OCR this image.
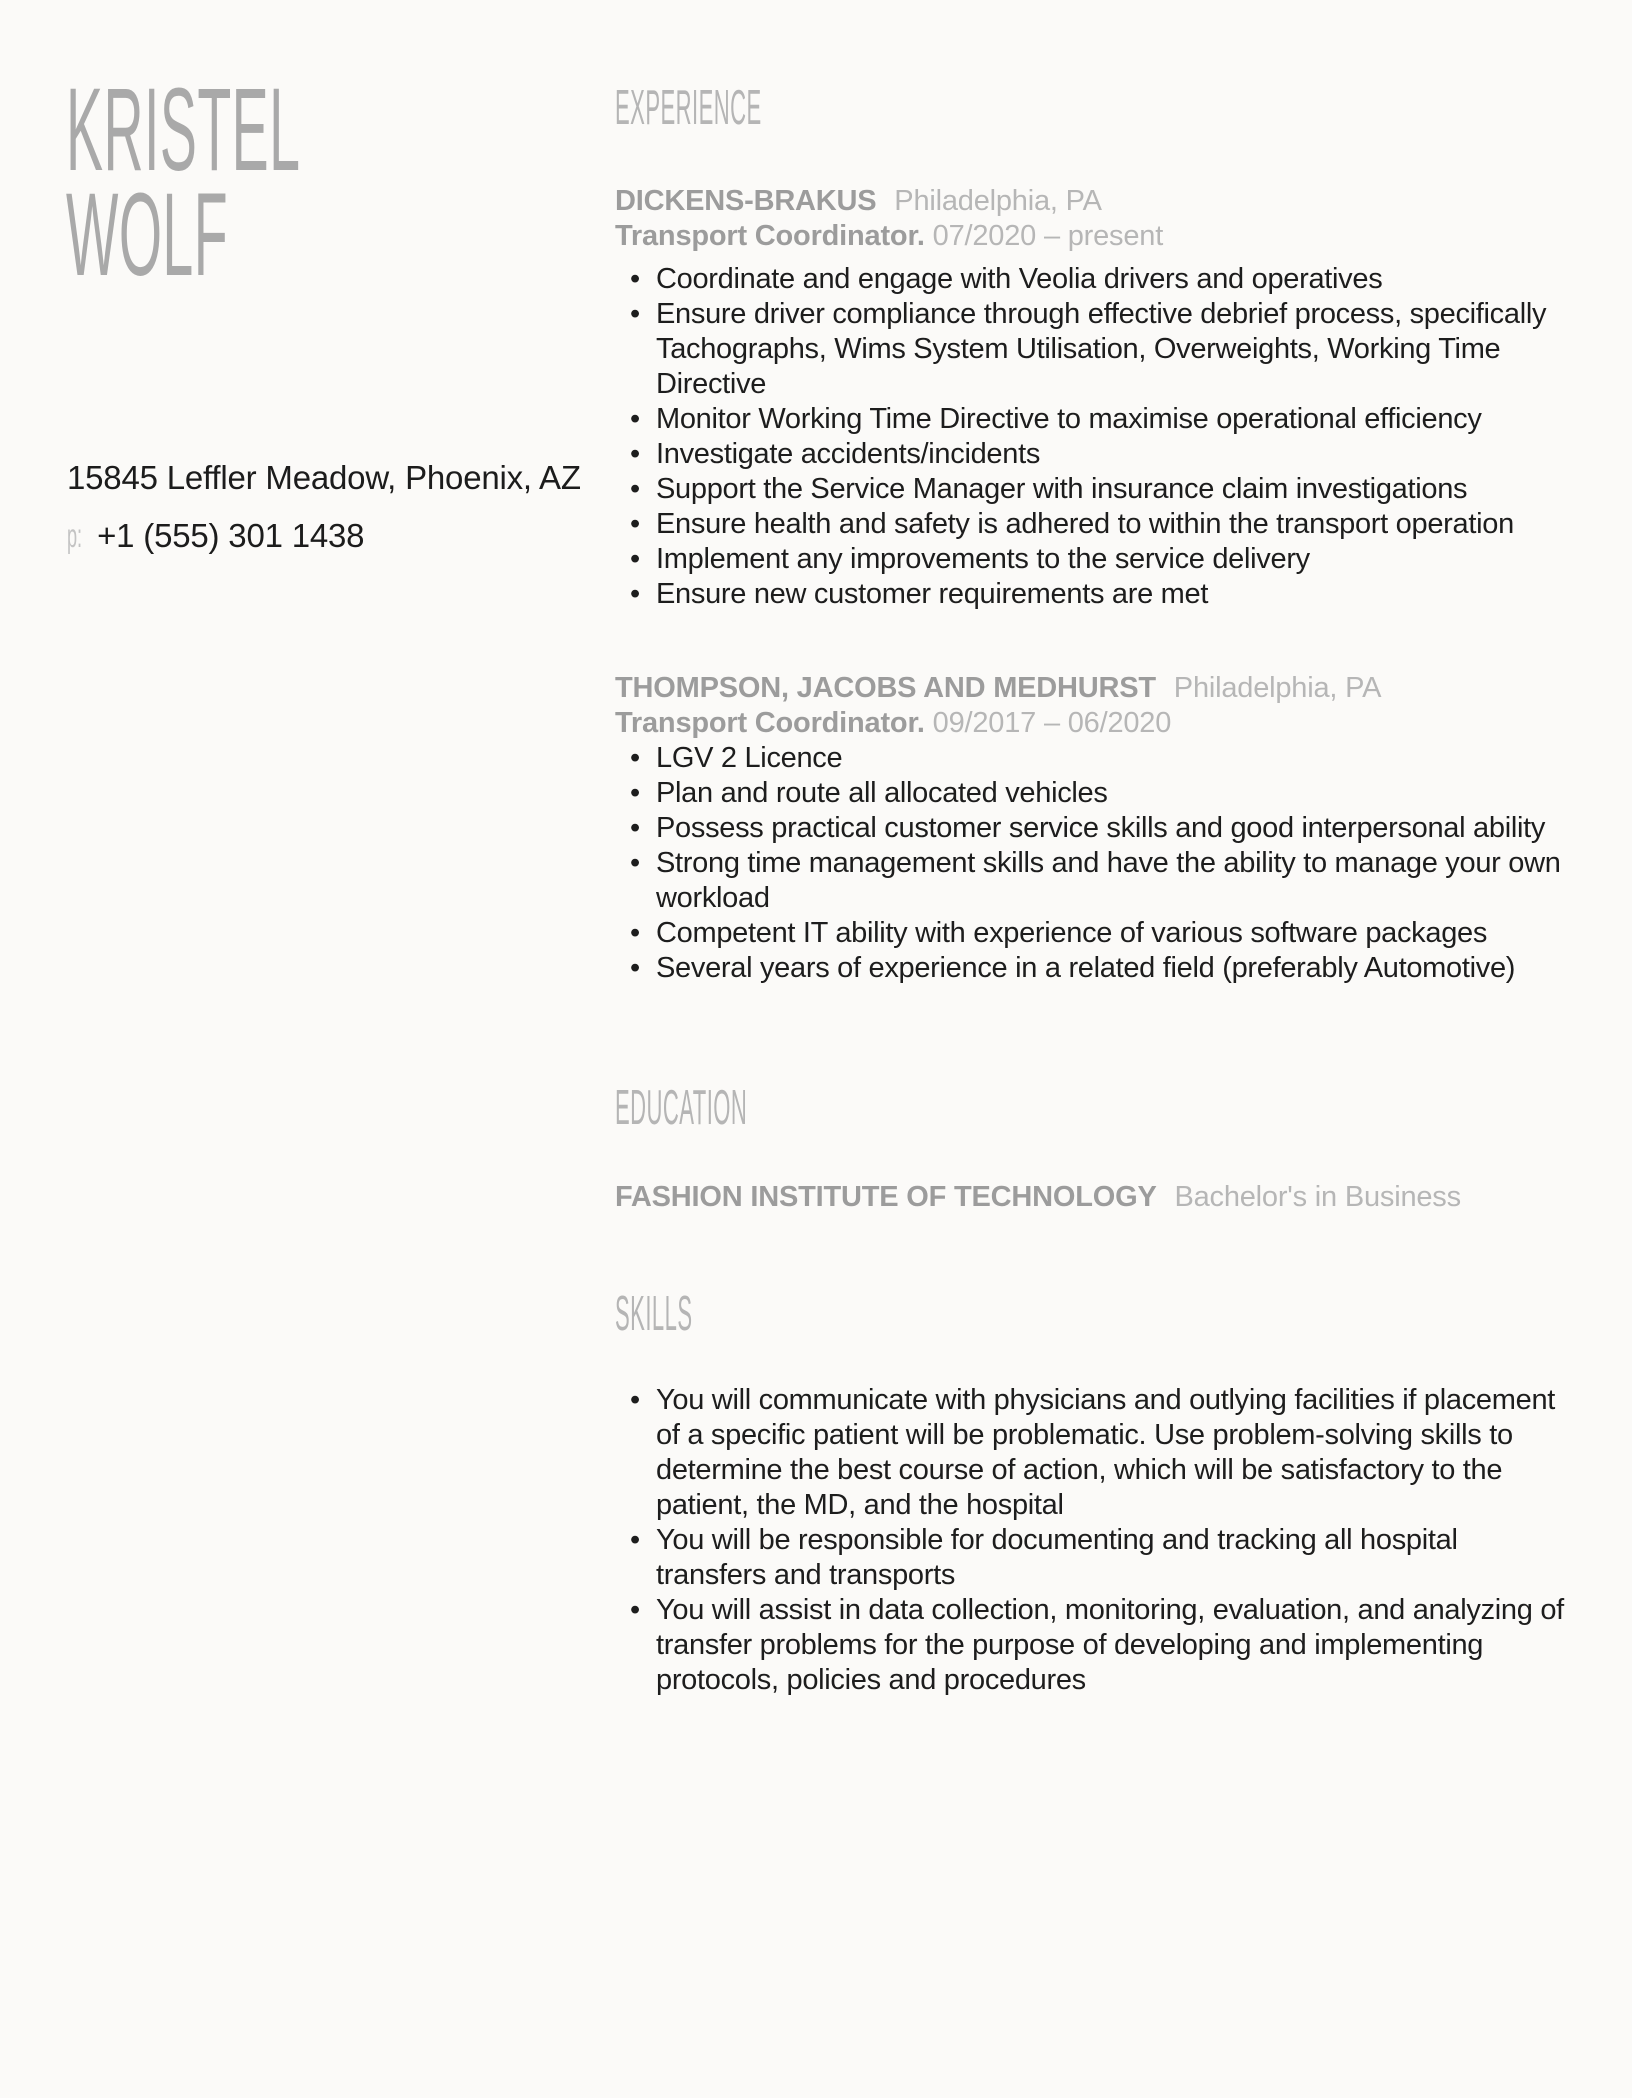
KRISTEL
WOLF
15845 Leffler Meadow, Phoenix, AZ
p: +1 (555) 301 1438
EXPERIENCE
DICKENS-BRAKUS Philadelphia, PA
Transport Coordinator. 07/2020 – present
• Coordinate and engage with Veolia drivers and operatives
• Ensure driver compliance through effective debrief process, specifically Tachographs, Wims System Utilisation, Overweights, Working Time Directive
• Monitor Working Time Directive to maximise operational efficiency
• Investigate accidents/incidents
• Support the Service Manager with insurance claim investigations
• Ensure health and safety is adhered to within the transport operation
• Implement any improvements to the service delivery
• Ensure new customer requirements are met
THOMPSON, JACOBS AND MEDHURST Philadelphia, PA
Transport Coordinator. 09/2017 – 06/2020
• LGV 2 Licence
• Plan and route all allocated vehicles
• Possess practical customer service skills and good interpersonal ability
• Strong time management skills and have the ability to manage your own workload
• Competent IT ability with experience of various software packages
• Several years of experience in a related field (preferably Automotive)
EDUCATION
FASHION INSTITUTE OF TECHNOLOGY Bachelor's in Business
SKILLS
• You will communicate with physicians and outlying facilities if placement of a specific patient will be problematic. Use problem-solving skills to determine the best course of action, which will be satisfactory to the patient, the MD, and the hospital
• You will be responsible for documenting and tracking all hospital transfers and transports
• You will assist in data collection, monitoring, evaluation, and analyzing of transfer problems for the purpose of developing and implementing protocols, policies and procedures
